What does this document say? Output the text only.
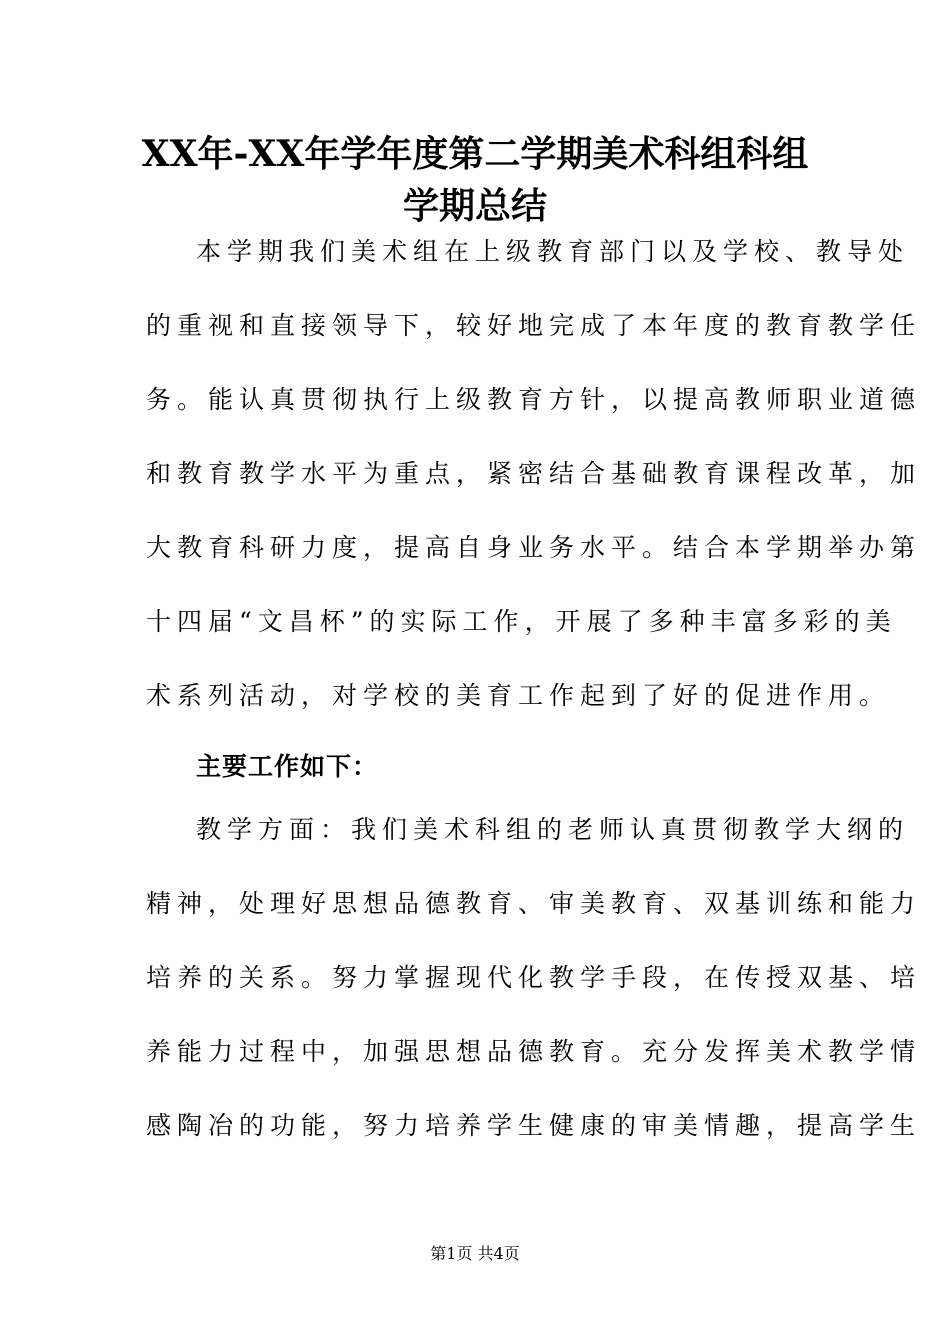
XX年-XX年学年度第二学期美术科组科组
学期总结
本学期我们美术组在上级教育部门以及学校、教导处
的重视和直接领导下，较好地完成了本年度的教育教学任
务。能认真贯彻执行上级教育方针，以提高教师职业道德
和教育教学水平为重点，紧密结合基础教育课程改革，加
大教育科研力度，提高自身业务水平。结合本学期举办第
十四届“文昌杯”的实际工作，开展了多种丰富多彩的美
术系列活动，对学校的美育工作起到了好的促进作用。
主要工作如下：
教学方面：我们美术科组的老师认真贯彻教学大纲的
精神，处理好思想品德教育、审美教育、双基训练和能力
培养的关系。努力掌握现代化教学手段，在传授双基、培
养能力过程中，加强思想品德教育。充分发挥美术教学情
感陶冶的功能，努力培养学生健康的审美情趣，提高学生
第1页 共4页
